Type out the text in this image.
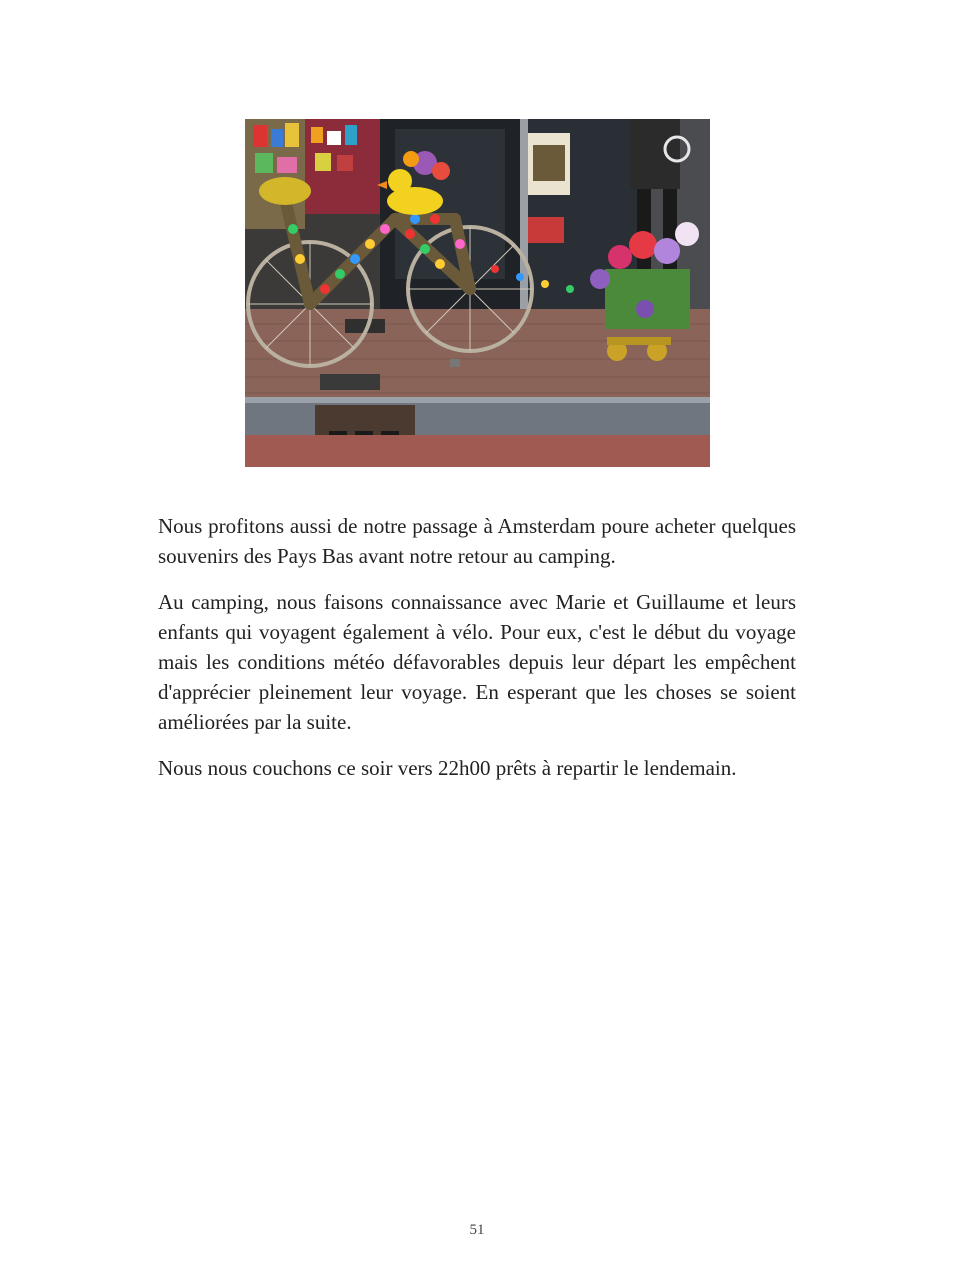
Nous profitons aussi de notre passage à Amsterdam poure acheter quelques souvenirs des Pays Bas avant notre retour au camping.

Au camping, nous faisons connaissance avec Marie et Guillaume et leurs enfants qui voyagent également à vélo. Pour eux, c'est le début du voyage mais les conditions météo défavorables depuis leur départ les empêchent d'apprécier pleinement leur voyage. En esperant que les choses se soient améliorées par la suite.

Nous nous couchons ce soir vers 22h00 prêts à repartir le lendemain.

51
